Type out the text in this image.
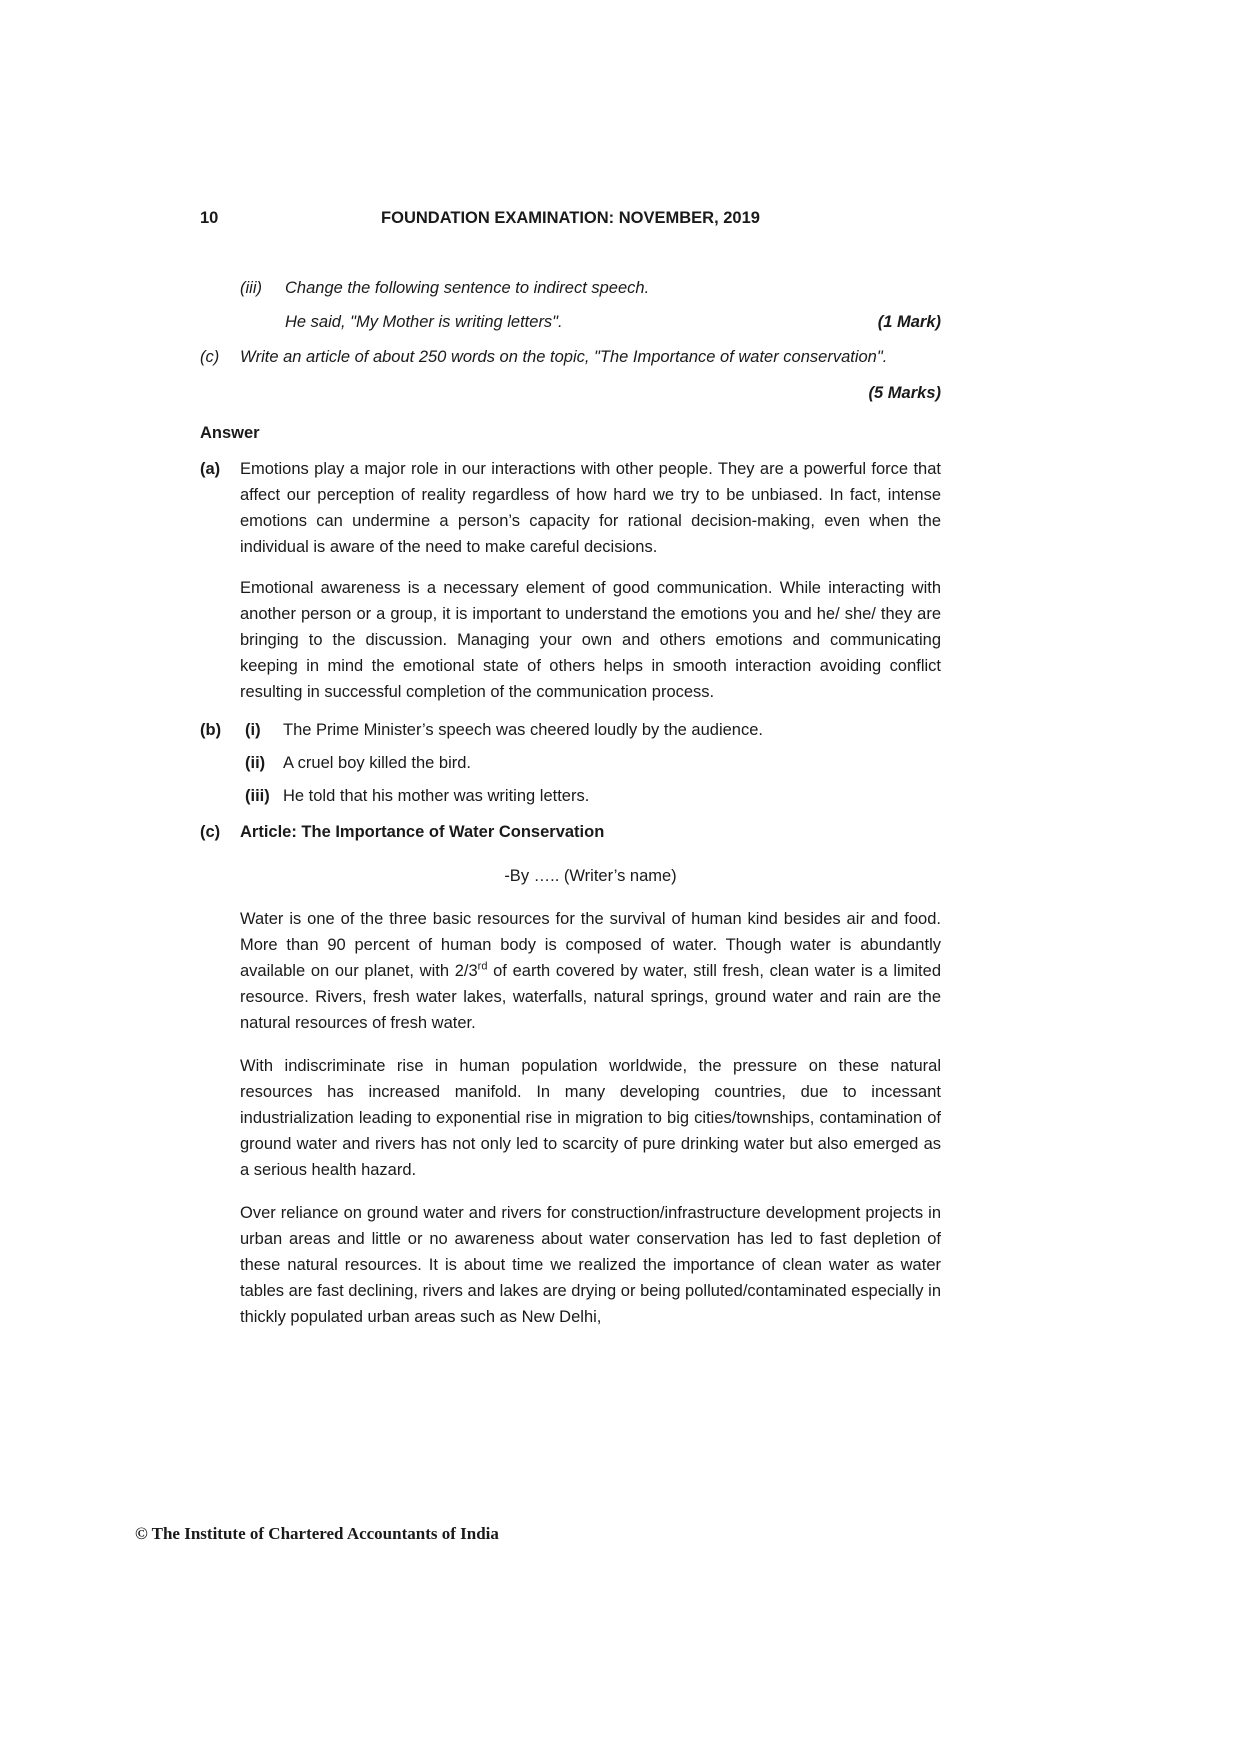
10	FOUNDATION EXAMINATION: NOVEMBER, 2019
(iii)	Change the following sentence to indirect speech.
He said, "My Mother is writing letters".	(1 Mark)
(c)	Write an article of about 250 words on the topic, "The Importance of water conservation".
(5 Marks)
Answer
(a)	Emotions play a major role in our interactions with other people. They are a powerful force that affect our perception of reality regardless of how hard we try to be unbiased. In fact, intense emotions can undermine a person’s capacity for rational decision-making, even when the individual is aware of the need to make careful decisions.

Emotional awareness is a necessary element of good communication. While interacting with another person or a group, it is important to understand the emotions you and he/ she/ they are bringing to the discussion. Managing your own and others emotions and communicating keeping in mind the emotional state of others helps in smooth interaction avoiding conflict resulting in successful completion of the communication process.

(b)	(i)	The Prime Minister’s speech was cheered loudly by the audience.
(ii)	A cruel boy killed the bird.
(iii) He told that his mother was writing letters.
(c)	Article: The Importance of Water Conservation
-By ….. (Writer’s name)

Water is one of the three basic resources for the survival of human kind besides air and food. More than 90 percent of human body is composed of water. Though water is abundantly available on our planet, with 2/3rd of earth covered by water, still fresh, clean water is a limited resource. Rivers, fresh water lakes, waterfalls, natural springs, ground water and rain are the natural resources of fresh water.

With indiscriminate rise in human population worldwide, the pressure on these natural resources has increased manifold. In many developing countries, due to incessant industrialization leading to exponential rise in migration to big cities/townships, contamination of ground water and rivers has not only led to scarcity of pure drinking water but also emerged as a serious health hazard.

Over reliance on ground water and rivers for construction/infrastructure development projects in urban areas and little or no awareness about water conservation has led to fast depletion of these natural resources. It is about time we realized the importance of clean water as water tables are fast declining, rivers and lakes are drying or being polluted/contaminated especially in thickly populated urban areas such as New Delhi,

© The Institute of Chartered Accountants of India
